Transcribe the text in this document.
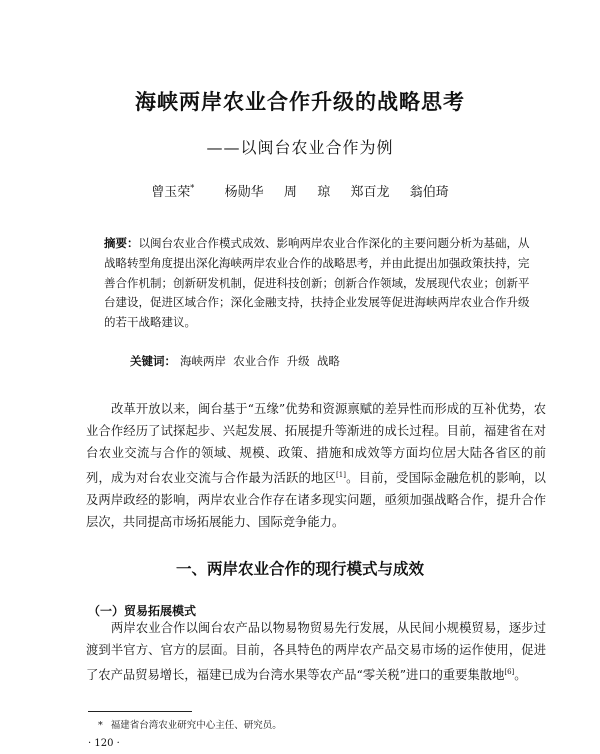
海峡两岸农业合作升级的战略思考
——以闽台农业合作为例
曾玉荣* 杨勋华  周  琼  郑百龙  翁伯琦
摘要：以闽台农业合作模式成效、影响两岸农业合作深化的主要问题分析为基础，从战略转型角度提出深化海峡两岸农业合作的战略思考，并由此提出加强政策扶持，完善合作机制；创新研发机制，促进科技创新；创新合作领域，发展现代农业；创新平台建设，促进区域合作；深化金融支持，扶持企业发展等促进海峡两岸农业合作升级的若干战略建议。
关键词： 海峡两岸  农业合作  升级  战略

改革开放以来，闽台基于“五缘”优势和资源禀赋的差异性而形成的互补优势，农业合作经历了试探起步、兴起发展、拓展提升等渐进的成长过程。目前，福建省在对台农业交流与合作的领域、规模、政策、措施和成效等方面均位居大陆各省区的前列，成为对台农业交流与合作最为活跃的地区[1]。目前，受国际金融危机的影响，以及两岸政经的影响，两岸农业合作存在诸多现实问题，亟须加强战略合作，提升合作层次，共同提高市场拓展能力、国际竞争能力。

一、两岸农业合作的现行模式与成效
（一）贸易拓展模式

两岸农业合作以闽台农产品以物易物贸易先行发展，从民间小规模贸易，逐步过渡到半官方、官方的层面。目前，各具特色的两岸农产品交易市场的运作使用，促进了农产品贸易增长，福建已成为台湾水果等农产品“零关税”进口的重要集散地[6]。

* 福建省台湾农业研究中心主任、研究员。
· 120 ·
